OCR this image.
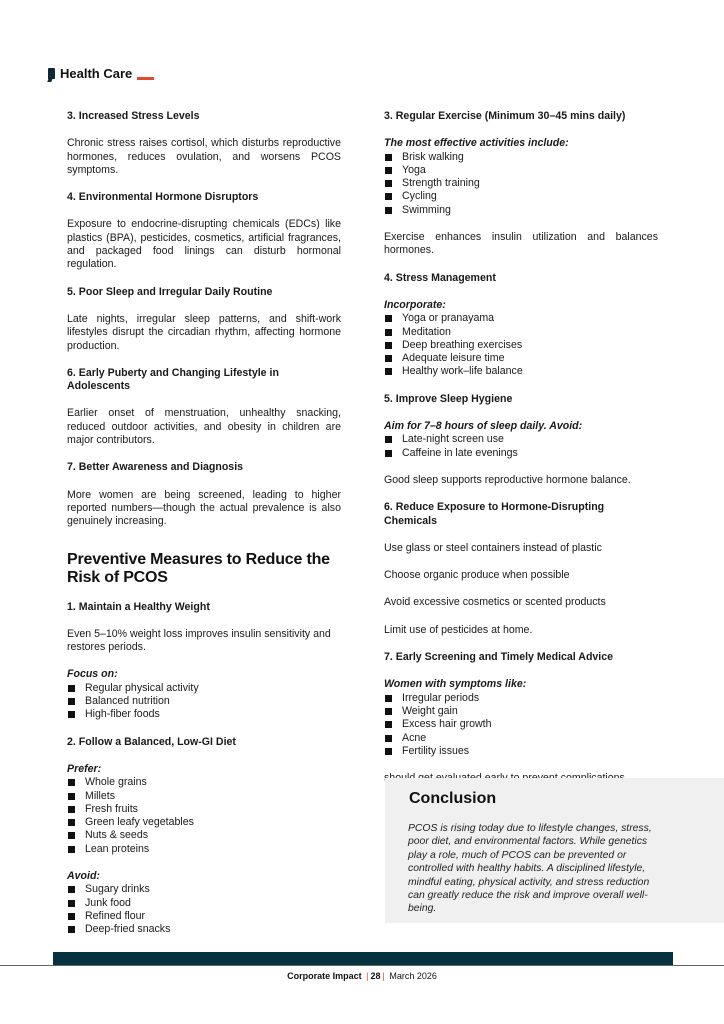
Health Care
3. Increased Stress Levels

Chronic stress raises cortisol, which disturbs reproductive hormones, reduces ovulation, and worsens PCOS symptoms.

4. Environmental Hormone Disruptors

Exposure to endocrine-disrupting chemicals (EDCs) like plastics (BPA), pesticides, cosmetics, artificial fragrances, and packaged food linings can disturb hormonal regulation.

5. Poor Sleep and Irregular Daily Routine

Late nights, irregular sleep patterns, and shift-work lifestyles disrupt the circadian rhythm, affecting hormone production.

6. Early Puberty and Changing Lifestyle in Adolescents

Earlier onset of menstruation, unhealthy snacking, reduced outdoor activities, and obesity in children are major contributors.

7. Better Awareness and Diagnosis

More women are being screened, leading to higher reported numbers—though the actual prevalence is also genuinely increasing.

Preventive Measures to Reduce the Risk of PCOS
1. Maintain a Healthy Weight

Even 5–10% weight loss improves insulin sensitivity and restores periods.

Focus on:
Regular physical activity
Balanced nutrition
High-fiber foods
2. Follow a Balanced, Low-GI Diet
Prefer:
Whole grains
Millets
Fresh fruits
Green leafy vegetables
Nuts & seeds
Lean proteins
Avoid:
Sugary drinks
Junk food
Refined flour
Deep-fried snacks
3. Regular Exercise (Minimum 30–45 mins daily)
The most effective activities include:
Brisk walking
Yoga
Strength training
Cycling
Swimming

Exercise enhances insulin utilization and balances hormones.

4. Stress Management
Incorporate:
Yoga or pranayama
Meditation
Deep breathing exercises
Adequate leisure time
Healthy work–life balance
5. Improve Sleep Hygiene
Aim for 7–8 hours of sleep daily. Avoid:
Late-night screen use
Caffeine in late evenings

Good sleep supports reproductive hormone balance.

6. Reduce Exposure to Hormone-Disrupting Chemicals

Use glass or steel containers instead of plastic

Choose organic produce when possible

Avoid excessive cosmetics or scented products

Limit use of pesticides at home.

7. Early Screening and Timely Medical Advice
Women with symptoms like:
Irregular periods
Weight gain
Excess hair growth
Acne
Fertility issues

Conclusion

PCOS is rising today due to lifestyle changes, stress, poor diet, and environmental factors. While genetics play a role, much of PCOS can be prevented or controlled with healthy habits. A disciplined lifestyle, mindful eating, physical activity, and stress reduction can greatly reduce the risk and improve overall well-being.

Corporate Impact | 28 | March 2026
